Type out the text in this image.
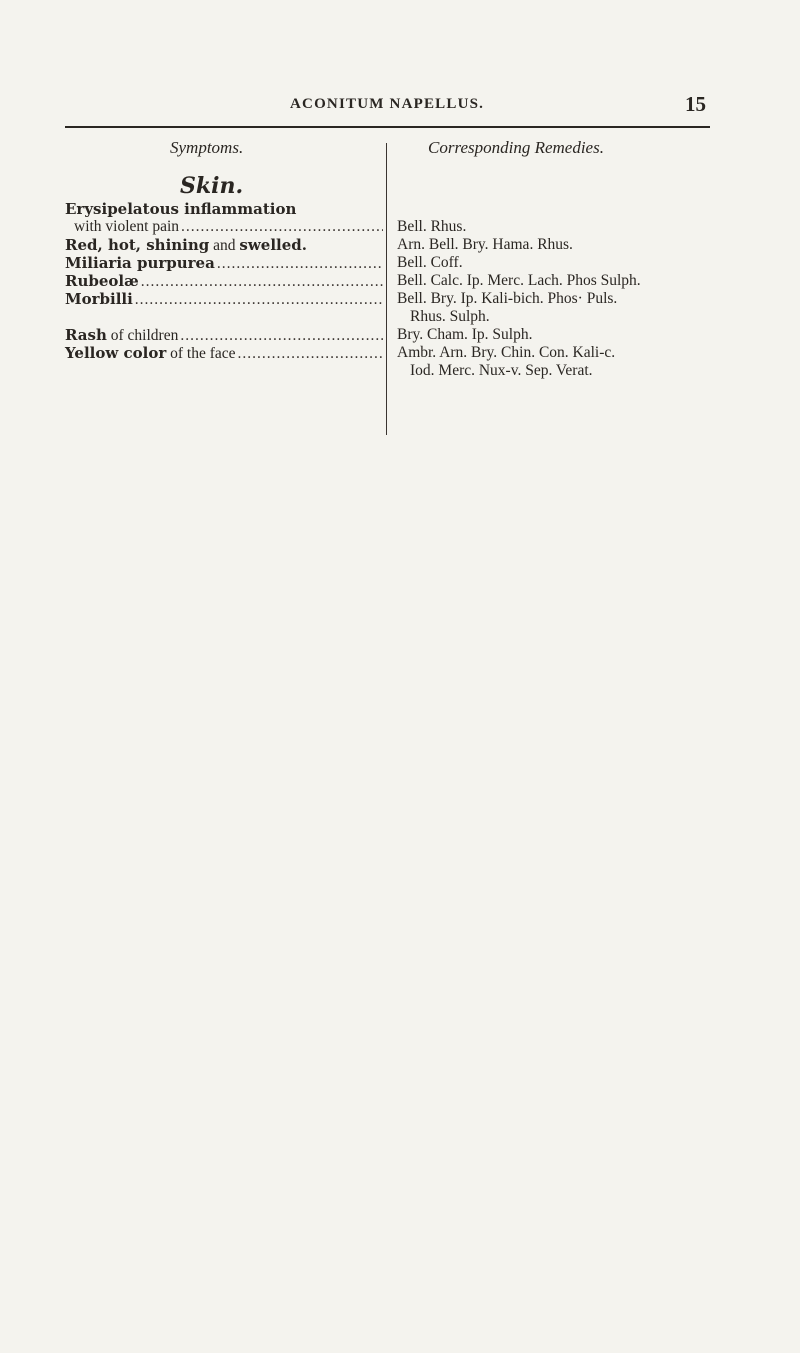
ACONITUM NAPELLUS.	15
Symptoms.	Corresponding Remedies.
Skin.
Erysipelatous inflammation
with violent pain .....	Bell. Rhus.
Red, hot, shining and swelled.	Arn. Bell. Bry. Hama. Rhus.
Miliaria purpurea .....	Bell. Coff.
Rubeolæ .....	Bell. Calc. Ip. Merc. Lach. Phos Sulph.
Morbilli .....	Bell. Bry. Ip. Kali-bich. Phos· Puls.
Rhus. Sulph.
Rash of children .....	Bry. Cham. Ip. Sulph.
Yellow color of the face .....	Ambr. Arn. Bry. Chin. Con. Kali-c.
Iod. Merc. Nux-v. Sep. Verat.
